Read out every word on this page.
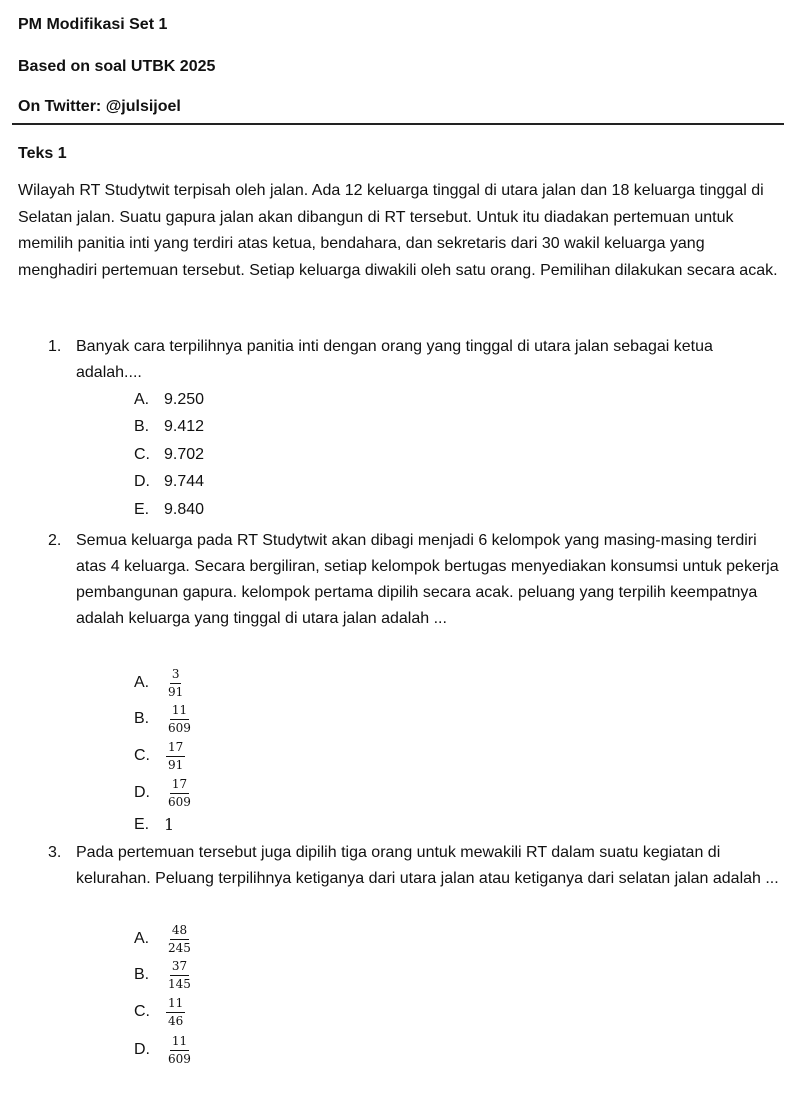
PM Modifikasi Set 1
Based on soal UTBK 2025
On Twitter: @julsijoel
Teks 1

Wilayah RT Studytwit terpisah oleh jalan. Ada 12 keluarga tinggal di utara jalan dan 18 keluarga tinggal di Selatan jalan. Suatu gapura jalan akan dibangun di RT tersebut. Untuk itu diadakan pertemuan untuk memilih panitia inti yang terdiri atas ketua, bendahara, dan sekretaris dari 30 wakil keluarga yang menghadiri pertemuan tersebut. Setiap keluarga diwakili oleh satu orang. Pemilihan dilakukan secara acak.

1. Banyak cara terpilihnya panitia inti dengan orang yang tinggal di utara jalan sebagai ketua adalah....

A. 9.250
B. 9.412
C. 9.702
D. 9.744
E. 9.840
2. Semua keluarga pada RT Studytwit akan dibagi menjadi 6 kelompok yang masing-masing terdiri atas 4 keluarga. Secara bergiliran, setiap kelompok bertugas menyediakan konsumsi untuk pekerja pembangunan gapura. kelompok pertama dipilih secara acak. peluang yang terpilih keempatnya adalah keluarga yang tinggal di utara jalan adalah ...

A.	$\frac{3}{91}$
B.	$\frac{11}{609}$
C.	$\frac{17}{91}$
D.	$\frac{17}{609}$
E. 1
3. Pada pertemuan tersebut juga dipilih tiga orang untuk mewakili RT dalam suatu kegiatan di kelurahan. Peluang terpilihnya ketiganya dari utara jalan atau ketiganya dari selatan jalan adalah ...

A.	$\frac{48}{245}$
B.	$\frac{37}{145}$
C.	$\frac{11}{46}$
D.	$\frac{11}{609}$
